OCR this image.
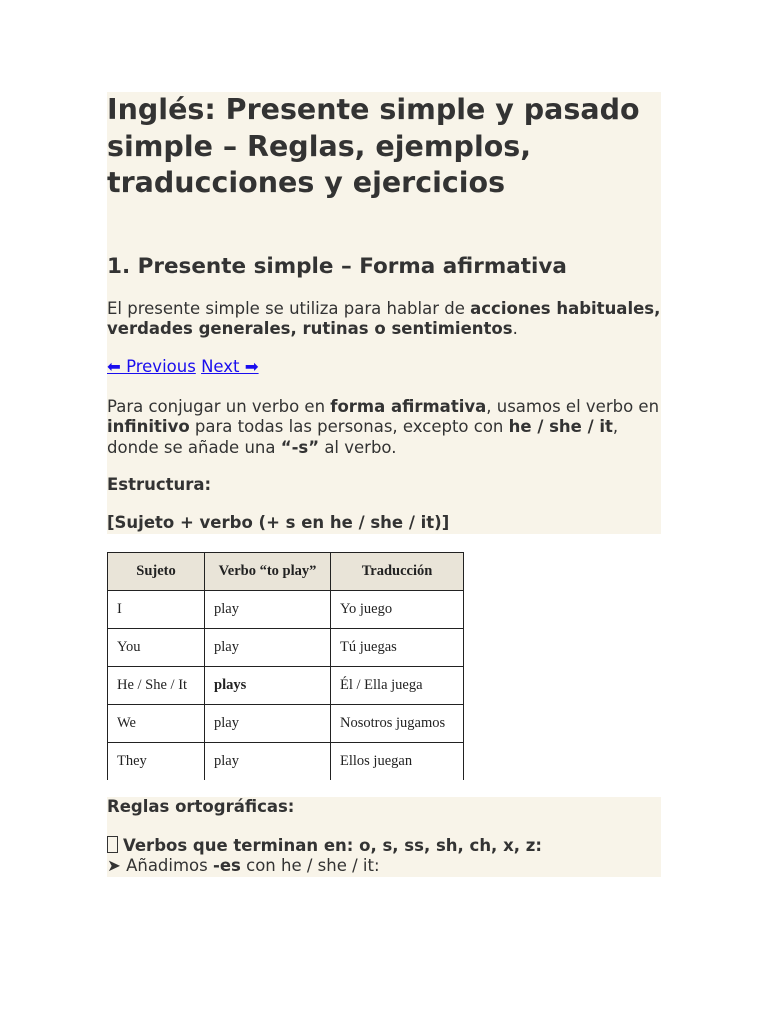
Inglés: Presente simple y pasado simple – Reglas, ejemplos, traducciones y ejercicios
1. Presente simple – Forma afirmativa
El presente simple se utiliza para hablar de acciones habituales, verdades generales, rutinas o sentimientos.
⬅ Previous Next ➡
Para conjugar un verbo en forma afirmativa, usamos el verbo en infinitivo para todas las personas, excepto con he / she / it, donde se añade una “-s” al verbo.
Estructura:
[Sujeto + verbo (+ s en he / she / it)]
Sujeto	Verbo “to play”	Traducción
I	play	Yo juego
You	play	Tú juegas
He / She / It	plays	Él / Ella juega
We	play	Nosotros jugamos
They	play	Ellos juegan
Reglas ortográficas:
Verbos que terminan en: o, s, ss, sh, ch, x, z:
➤ Añadimos -es con he / she / it:
